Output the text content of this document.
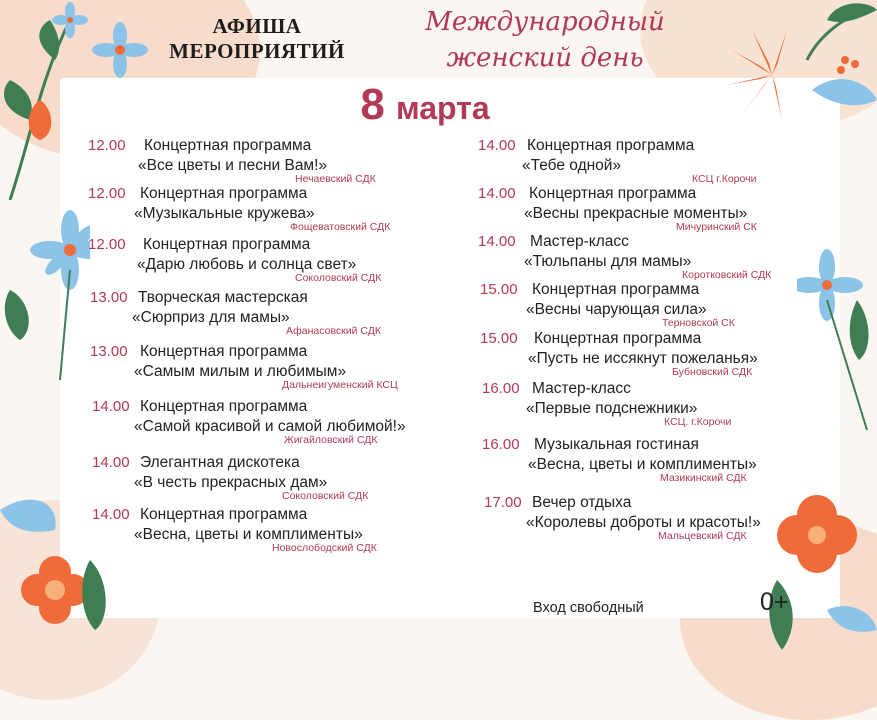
АФИША
МЕРОПРИЯТИЙ
Международный
женский день
8 марта
12.00 Концертная программа
«Все цветы и песни Вам!»
Нечаевский СДК
12.00 Концертная программа
«Музыкальные кружева»
Фощеватовский СДК
12.00 Концертная программа
«Дарю любовь и солнца свет»
Соколовский СДК
13.00 Творческая мастерская
«Сюрприз для мамы»
Афанасовский СДК
13.00 Концертная программа
«Самым милым и любимым»
Дальнеигуменский КСЦ
14.00 Концертная программа
«Самой красивой и самой любимой!»
Жигайловский СДК
14.00 Элегантная дискотека
«В честь прекрасных дам»
Соколовский СДК
14.00 Концертная программа
«Весна, цветы и комплименты»
Новослободский СДК
14.00 Концертная программа
«Тебе одной»
КСЦ г.Корочи
14.00 Концертная программа
«Весны прекрасные моменты»
Мичуринский СК
14.00 Мастер-класс
«Тюльпаны для мамы»
Коротковский СДК
15.00 Концертная программа
«Весны чарующая сила»
Терновской СК
15.00 Концертная программа
«Пусть не иссякнут пожеланья»
Бубновский СДК
16.00 Мастер-класс
«Первые подснежники»
КСЦ. г.Корочи
16.00 Музыкальная гостиная
«Весна, цветы и комплименты»
Мазикинский СДК
17.00 Вечер отдыха
«Королевы доброты и красоты!»
Мальцевский СДК
Вход свободный	0+
